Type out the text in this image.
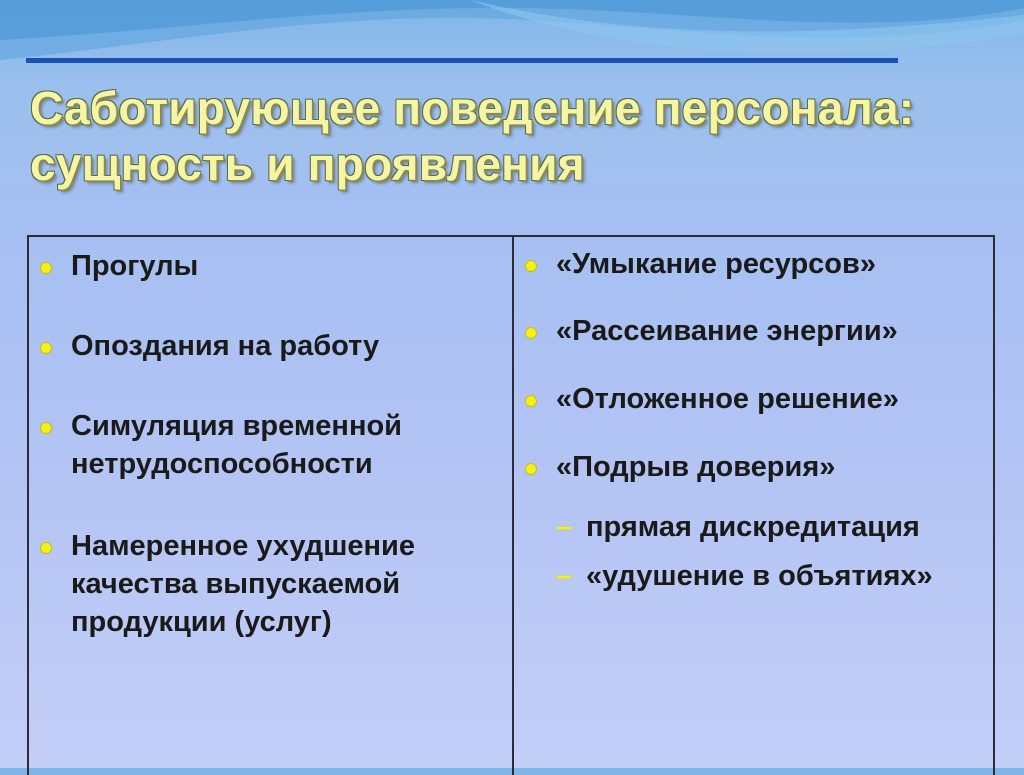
Саботирующее поведение персонала:
сущность и проявления
Прогулы
Опоздания на работу
Симуляция временной нетрудоспособности
Намеренное ухудшение качества выпускаемой продукции (услуг)
«Умыкание ресурсов»
«Рассеивание энергии»
«Отложенное решение»
«Подрыв доверия»
– прямая дискредитация
– «удушение в объятиях»
